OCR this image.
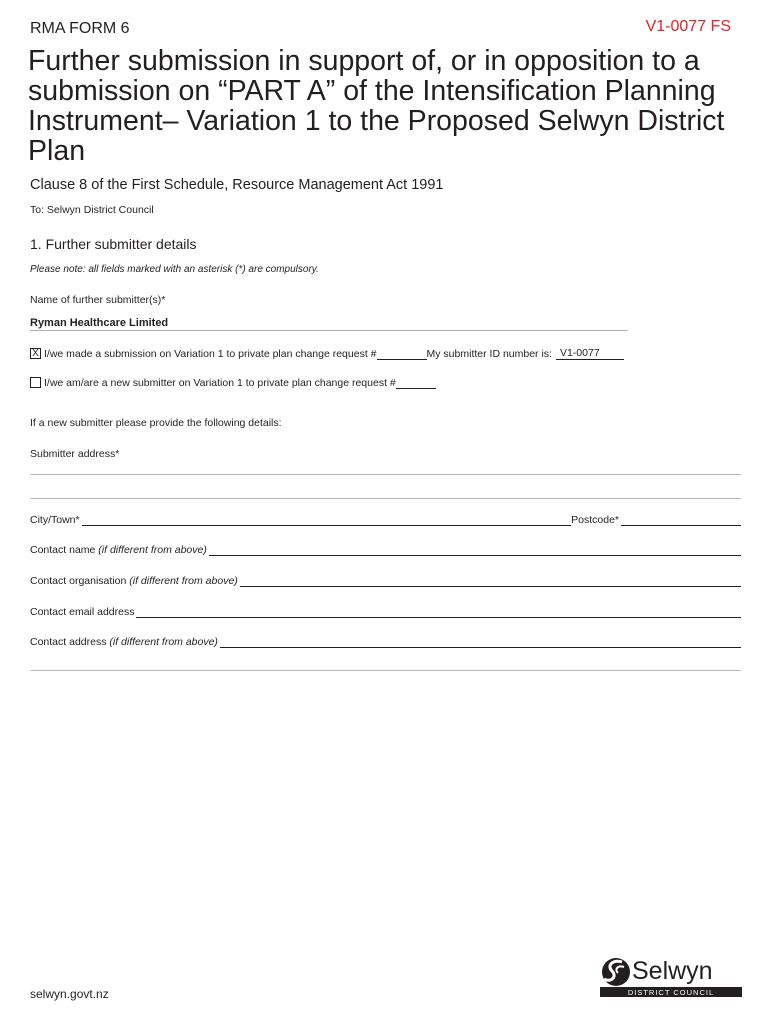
RMA FORM 6	V1-0077 FS
Further submission in support of, or in opposition to a submission on “PART A” of the Intensification Planning Instrument– Variation 1 to the Proposed Selwyn District Plan
Clause 8 of the First Schedule, Resource Management Act 1991
To: Selwyn District Council
1. Further submitter details
Please note: all fields marked with an asterisk (*) are compulsory.
Name of further submitter(s)*
Ryman Healthcare Limited
X I/we made a submission on Variation 1 to private plan change request #	My submitter ID number is: V1-0077
I/we am/are a new submitter on Variation 1 to private plan change request #
If a new submitter please provide the following details:
Submitter address*
City/Town*	Postcode*
Contact name
(if different from above)
Contact organisation
(if different from above)
Contact email address
Contact address
(if different from above)
selwyn.govt.nz
Selwyn
DISTRICT COUNCIL
